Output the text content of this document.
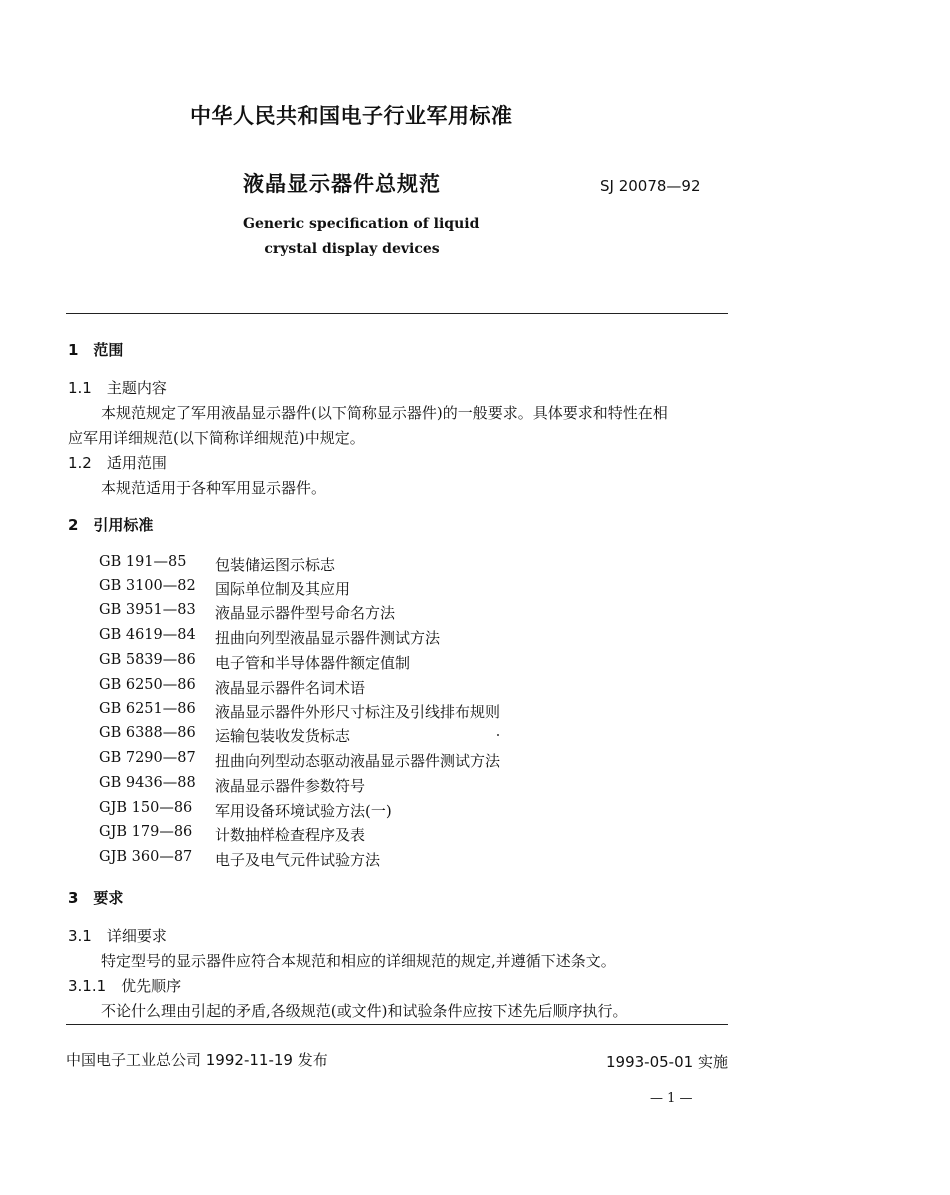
中华人民共和国电子行业军用标准
液晶显示器件总规范	SJ 20078—92
Generic specification of liquid
crystal display devices
1　范围
1.1　主题内容
本规范规定了军用液晶显示器件(以下简称显示器件)的一般要求。具体要求和特性在相
应军用详细规范(以下简称详细规范)中规定。
1.2　适用范围
本规范适用于各种军用显示器件。
2　引用标准
GB 191—85 包装储运图示标志
GB 3100—82 国际单位制及其应用
GB 3951—83 液晶显示器件型号命名方法
GB 4619—84 扭曲向列型液晶显示器件测试方法
GB 5839—86 电子管和半导体器件额定值制
GB 6250—86 液晶显示器件名词术语
GB 6251—86 液晶显示器件外形尺寸标注及引线排布规则
GB 6388—86 运输包装收发货标志
GB 7290—87 扭曲向列型动态驱动液晶显示器件测试方法
GB 9436—88 液晶显示器件参数符号
GJB 150—86 军用设备环境试验方法(一)
GJB 179—86 计数抽样检查程序及表
GJB 360—87 电子及电气元件试验方法
3　要求
3.1　详细要求
特定型号的显示器件应符合本规范和相应的详细规范的规定,并遵循下述条文。
3.1.1　优先顺序
不论什么理由引起的矛盾,各级规范(或文件)和试验条件应按下述先后顺序执行。
中国电子工业总公司 1992-11-19 发布	1993-05-01 实施
— 1 —
